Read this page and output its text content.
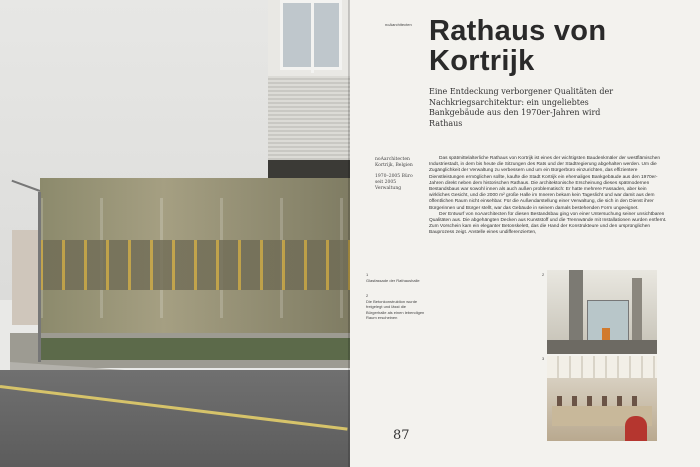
noAarchitecten Rathaus von
Kortrijk
Eine Entdeckung verborgener Qualitäten der Nachkriegsarchitektur: ein ungeliebtes Bankgebäude aus den 1970er-Jahren wird Rathaus
noAarchitecten Kortrijk, Belgien
1970–2005 Büro seit 2005 Verwaltung

Das spätmittelalterliche Rathaus von Kortrijk ist eines der wichtigsten Baudenkmäler der westflämischen Industriestadt, in dem bis heute die Sitzungen des Rats und der Stadtregierung abgehalten werden. Um die Zugänglichkeit der Verwaltung zu verbessern und um ein Bürgerbüro einzurichten, das effizientere Dienstleistungen ermöglichen sollte, kaufte die Stadt Kortrijk ein ehemaliges Bankgebäude aus den 1970er-Jahren direkt neben dem historischen Rathaus. Die architektonische Erscheinung dieses spätmodernen Bestandsbaus war sowohl innen als auch außen problematisch: Er hatte mehrere Fassaden, aber kein wirkliches Gesicht, und die 2000 m² große Halle im Inneren bekam kein Tageslicht und war damit aus dem öffentlichen Raum nicht einsehbar. Für die Außendarstellung einer Verwaltung, die sich in den Dienst ihrer Bürgerinnen und Bürger stellt, war das Gebäude in seinem damals bestehenden Form ungeeignet.

Der Entwurf von noAarchitecten für diesen Bestandsbau ging von einer Untersuchung seiner unsichtbaren Qualitäten aus. Die abgehängten Decken aus Kunststoff und die Trennwände mit Installationen wurden entfernt. Zum Vorschein kam ein eleganter Betonskelett, das die Hand der Konstrukteure und den ursprünglichen Bauprozess zeigt. Anstelle eines undifferenzierten,

1
Glasfassade der Rathaushalle
2
Die Betonkonstruktion wurde freigelegt und lässt die Bürgerhalle als einen lebendigen Raum erscheinen
2
3
87
